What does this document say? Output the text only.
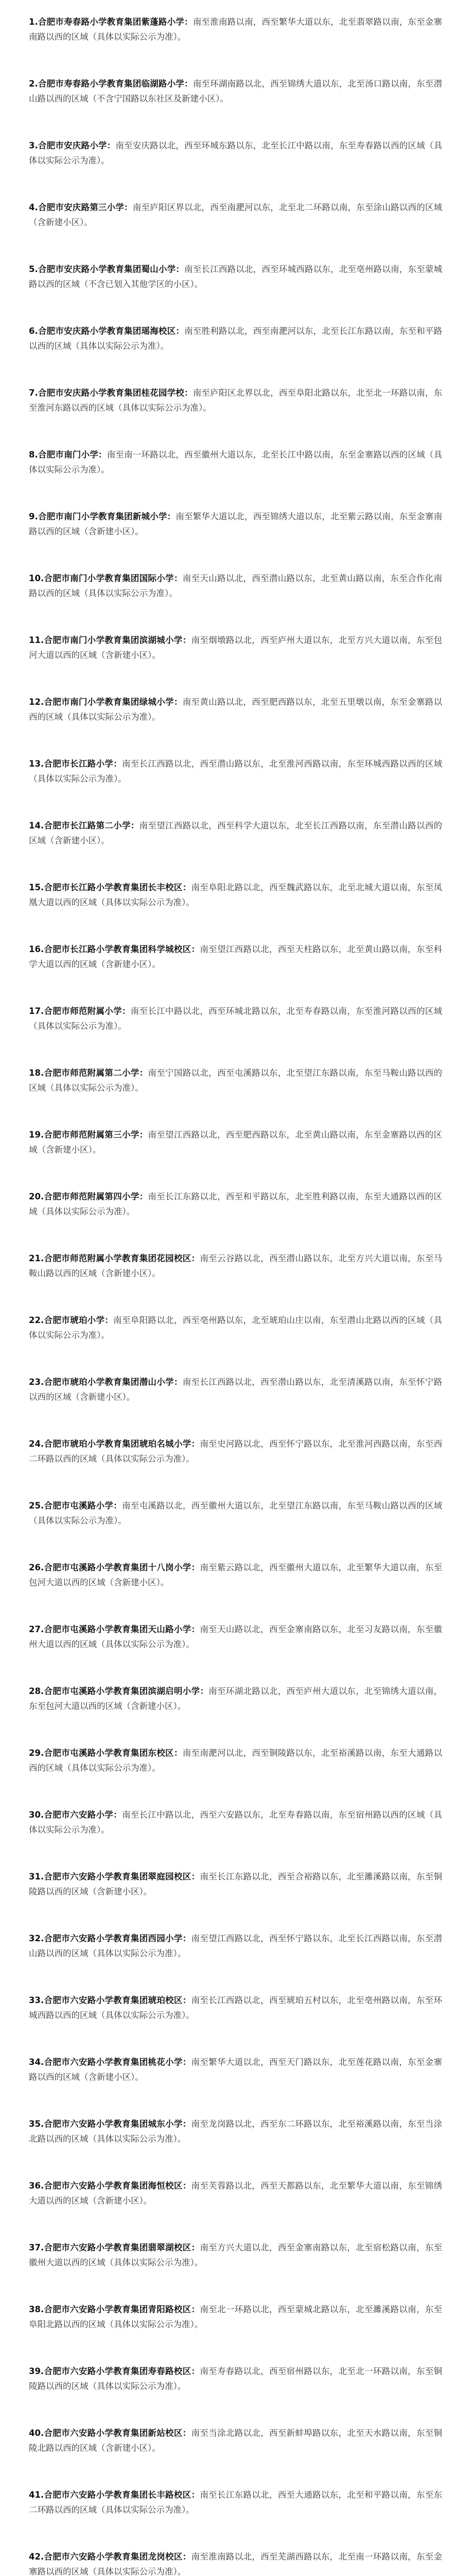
1.合肥市寿春路小学教育集团紫蓬路小学：南至淮南路以南，西至繁华大道以东，北至翡翠路以南，东至金寨南路以西的区域（具体以实际公示为准）。

2.合肥市寿春路小学教育集团临湖路小学：南至环湖南路以北，西至锦绣大道以东，北至汤口路以南，东至潜山路以西的区域（不含宁国路以东社区及新建小区）。

3.合肥市安庆路小学：南至安庆路以北，西至环城东路以东，北至长江中路以南，东至寿春路以西的区域（具体以实际公示为准）。

4.合肥市安庆路第三小学：南至庐阳区界以北，西至南淝河以东，北至北二环路以南，东至涂山路以西的区域（含新建小区）。

5.合肥市安庆路小学教育集团蜀山小学：南至长江西路以北，西至环城西路以东，北至亳州路以南，东至蒙城路以西的区域（不含已划入其他学区的小区）。

6.合肥市安庆路小学教育集团瑶海校区：南至胜利路以北，西至南淝河以东，北至长江东路以南，东至和平路以西的区域（具体以实际公示为准）。

7.合肥市安庆路小学教育集团桂花园学校：南至庐阳区北界以北，西至阜阳北路以东，北至北一环路以南，东至淮河东路以西的区域（具体以实际公示为准）。

8.合肥市南门小学：南至南一环路以北，西至徽州大道以东，北至长江中路以南，东至金寨路以西的区域（具体以实际公示为准）。

9.合肥市南门小学教育集团新城小学：南至繁华大道以北，西至锦绣大道以东，北至紫云路以南，东至金寨南路以西的区域（含新建小区）。

10.合肥市南门小学教育集团国际小学：南至天山路以北，西至潜山路以东，北至黄山路以南，东至合作化南路以西的区域（具体以实际公示为准）。

11.合肥市南门小学教育集团滨湖城小学：南至烟墩路以北，西至庐州大道以东，北至方兴大道以南，东至包河大道以西的区域（含新建小区）。

12.合肥市南门小学教育集团绿城小学：南至黄山路以北，西至肥西路以东，北至五里墩以南，东至金寨路以西的区域（具体以实际公示为准）。

13.合肥市长江路小学：南至长江西路以北，西至潜山路以东，北至淮河西路以南，东至环城西路以西的区域（具体以实际公示为准）。

14.合肥市长江路第二小学：南至望江西路以北，西至科学大道以东，北至长江西路以南，东至潜山路以西的区域（含新建小区）。

15.合肥市长江路小学教育集团长丰校区：南至阜阳北路以北，西至魏武路以东，北至北城大道以南，东至凤凰大道以西的区域（具体以实际公示为准）。

16.合肥市长江路小学教育集团科学城校区：南至望江西路以北，西至天柱路以东，北至黄山路以南，东至科学大道以西的区域（含新建小区）。

17.合肥市师范附属小学：南至长江中路以北，西至环城北路以东，北至寿春路以南，东至淮河路以西的区域（具体以实际公示为准）。

18.合肥市师范附属第二小学：南至宁国路以北，西至屯溪路以东，北至望江东路以南，东至马鞍山路以西的区域（具体以实际公示为准）。

19.合肥市师范附属第三小学：南至望江西路以北，西至肥西路以东，北至黄山路以南，东至金寨路以西的区域（含新建小区）。

20.合肥市师范附属第四小学：南至长江东路以北，西至和平路以东，北至胜利路以南，东至大通路以西的区域（具体以实际公示为准）。

21.合肥市师范附属小学教育集团花园校区：南至云谷路以北，西至潜山路以东，北至方兴大道以南，东至马鞍山路以西的区域（含新建小区）。

22.合肥市琥珀小学：南至阜阳路以北，西至亳州路以东，北至琥珀山庄以南，东至潜山北路以西的区域（具体以实际公示为准）。

23.合肥市琥珀小学教育集团潜山小学：南至长江西路以北，西至潜山路以东，北至清溪路以南，东至怀宁路以西的区域（含新建小区）。

24.合肥市琥珀小学教育集团琥珀名城小学：南至史河路以北，西至怀宁路以东，北至淮河西路以南，东至西二环路以西的区域（具体以实际公示为准）。

25.合肥市屯溪路小学：南至屯溪路以北，西至徽州大道以东，北至望江东路以南，东至马鞍山路以西的区域（具体以实际公示为准）。

26.合肥市屯溪路小学教育集团十八岗小学：南至紫云路以北，西至徽州大道以东，北至繁华大道以南，东至包河大道以西的区域（含新建小区）。

27.合肥市屯溪路小学教育集团天山路小学：南至天山路以北，西至金寨南路以东，北至习友路以南，东至徽州大道以西的区域（具体以实际公示为准）。

28.合肥市屯溪路小学教育集团滨湖启明小学：南至环湖北路以北，西至庐州大道以东，北至锦绣大道以南，东至包河大道以西的区域（含新建小区）。

29.合肥市屯溪路小学教育集团东校区：南至南淝河以北，西至铜陵路以东，北至裕溪路以南，东至大通路以西的区域（具体以实际公示为准）。

30.合肥市六安路小学：南至长江中路以北，西至六安路以东，北至寿春路以南，东至宿州路以西的区域（具体以实际公示为准）。

31.合肥市六安路小学教育集团翠庭园校区：南至长江东路以北，西至合裕路以东，北至濉溪路以南，东至铜陵路以西的区域（含新建小区）。

32.合肥市六安路小学教育集团西园小学：南至望江西路以北，西至怀宁路以东，北至长江西路以南，东至潜山路以西的区域（具体以实际公示为准）。

33.合肥市六安路小学教育集团琥珀校区：南至长江西路以北，西至琥珀五村以东，北至亳州路以南，东至环城西路以西的区域（具体以实际公示为准）。

34.合肥市六安路小学教育集团桃花小学：南至繁华大道以北，西至天门路以东，北至莲花路以南，东至金寨路以西的区域（含新建小区）。

35.合肥市六安路小学教育集团城东小学：南至龙岗路以北，西至东二环路以东，北至裕溪路以南，东至当涂北路以西的区域（具体以实际公示为准）。

36.合肥市六安路小学教育集团海恒校区：南至芙蓉路以北，西至天都路以东，北至繁华大道以南，东至锦绣大道以西的区域（含新建小区）。

37.合肥市六安路小学教育集团翡翠湖校区：南至方兴大道以北，西至金寨南路以东，北至宿松路以南，东至徽州大道以西的区域（具体以实际公示为准）。

38.合肥市六安路小学教育集团青阳路校区：南至北一环路以北，西至蒙城北路以东，北至濉溪路以南，东至阜阳北路以西的区域（具体以实际公示为准）。

39.合肥市六安路小学教育集团寿春路校区：南至寿春路以北，西至宿州路以东，北至北一环路以南，东至铜陵路以西的区域（具体以实际公示为准）。

40.合肥市六安路小学教育集团新站校区：南至当涂北路以北，西至新蚌埠路以东，北至天水路以南，东至铜陵北路以西的区域（含新建小区）。

41.合肥市六安路小学教育集团长丰路校区：南至长江东路以北，西至大通路以东，北至和平路以南，东至东二环路以西的区域（具体以实际公示为准）。

42.合肥市六安路小学教育集团龙岗校区：南至淮南路以北，西至芜湖西路以东，北至南一环路以南，东至金寨路以西的区域（具体以实际公示为准）。
